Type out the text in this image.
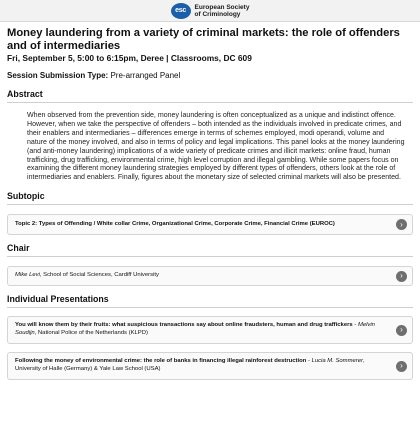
esc	European Society
of Criminology
Money laundering from a variety of criminal markets: the role of offenders and of intermediaries
Fri, September 5, 5:00 to 6:15pm, Deree | Classrooms, DC 609
Session Submission Type: Pre-arranged Panel
Abstract
When observed from the prevention side, money laundering is often conceptualized as a unique and indistinct offence. However, when we take the perspective of offenders – both intended as the individuals involved in predicate crimes, and their enablers and intermediaries – differences emerge in terms of schemes employed, modi operandi, volume and nature of the money involved, and also in terms of policy and legal implications. This panel looks at the money laundering (and anti-money laundering) implications of a wide variety of predicate crimes and illicit markets: online fraud, human trafficking, drug trafficking, environmental crime, high level corruption and illegal gambling. While some papers focus on examining the different money laundering strategies employed by different types of offenders, others look at the role of intermediaries and enablers. Finally, figures about the monetary size of selected criminal markets will also be presented.
Subtopic
Topic 2: Types of Offending / White collar Crime, Organizational Crime, Corporate Crime, Financial Crime (EUROC)	›
Chair
Mike Levi, School of Social Sciences, Cardiff University	›
Individual Presentations
You will know them by their fruits: what suspicious transactions say about online fraudsters, human and drug traffickers - Melvin Soudijn, National Police of the Netherlands (KLPD)	›
Following the money of environmental crime: the role of banks in financing illegal rainforest destruction - Lucia M. Sommerer, University of Halle (Germany) & Yale Law School (USA)	›
